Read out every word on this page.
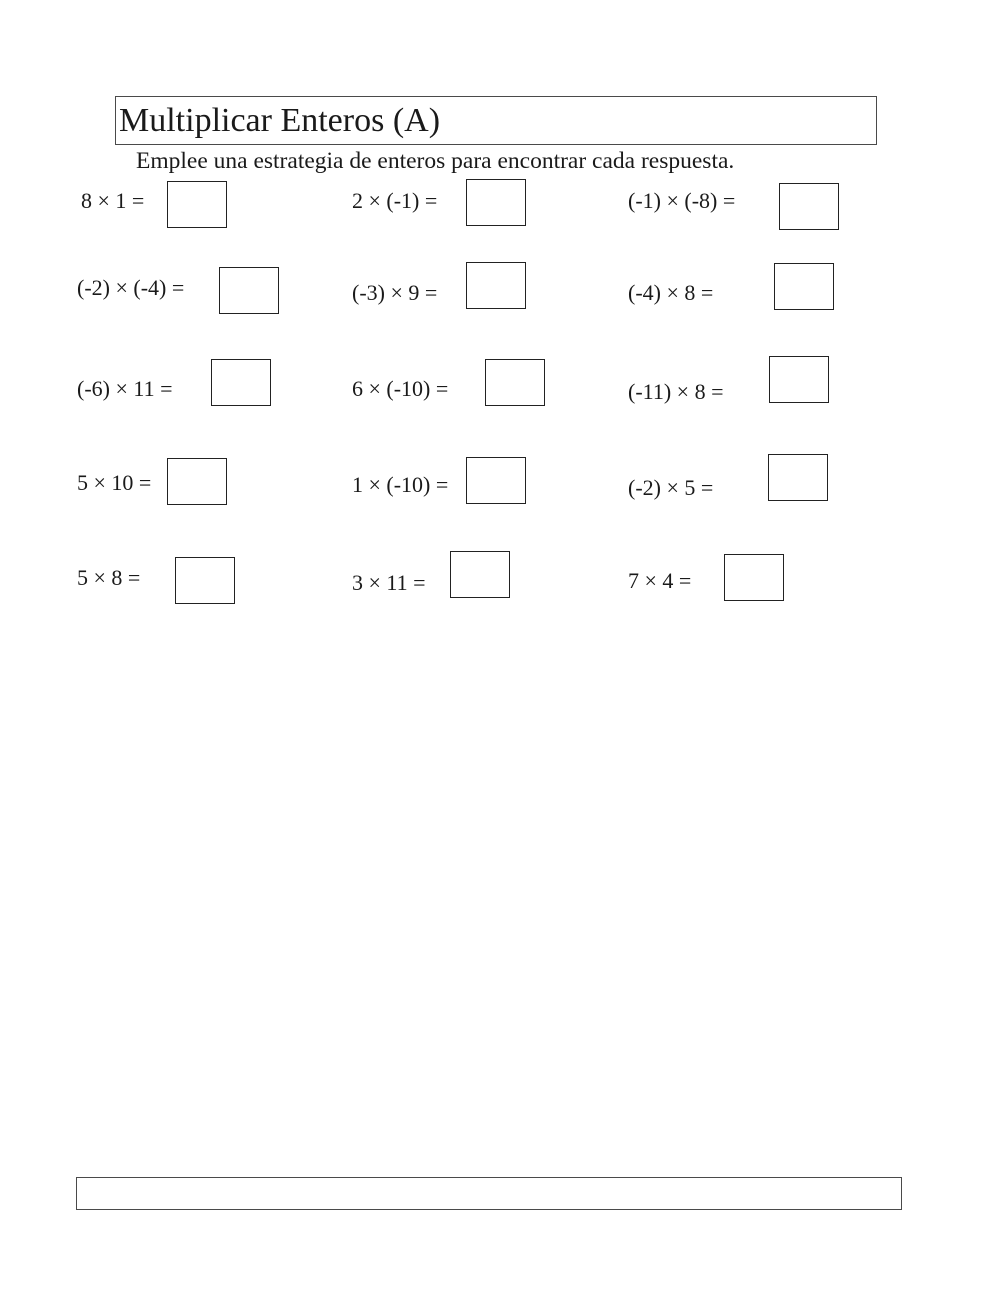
Multiplicar Enteros (A)
Emplee una estrategia de enteros para encontrar cada respuesta.
8 × 1 =	2 × (-1) =	(-1) × (-8) =
(-2) × (-4) =	(-3) × 9 =	(-4) × 8 =
(-6) × 11 =	6 × (-10) =	(-11) × 8 =
5 × 10 =	1 × (-10) =	(-2) × 5 =
5 × 8 =	3 × 11 =	7 × 4 =
